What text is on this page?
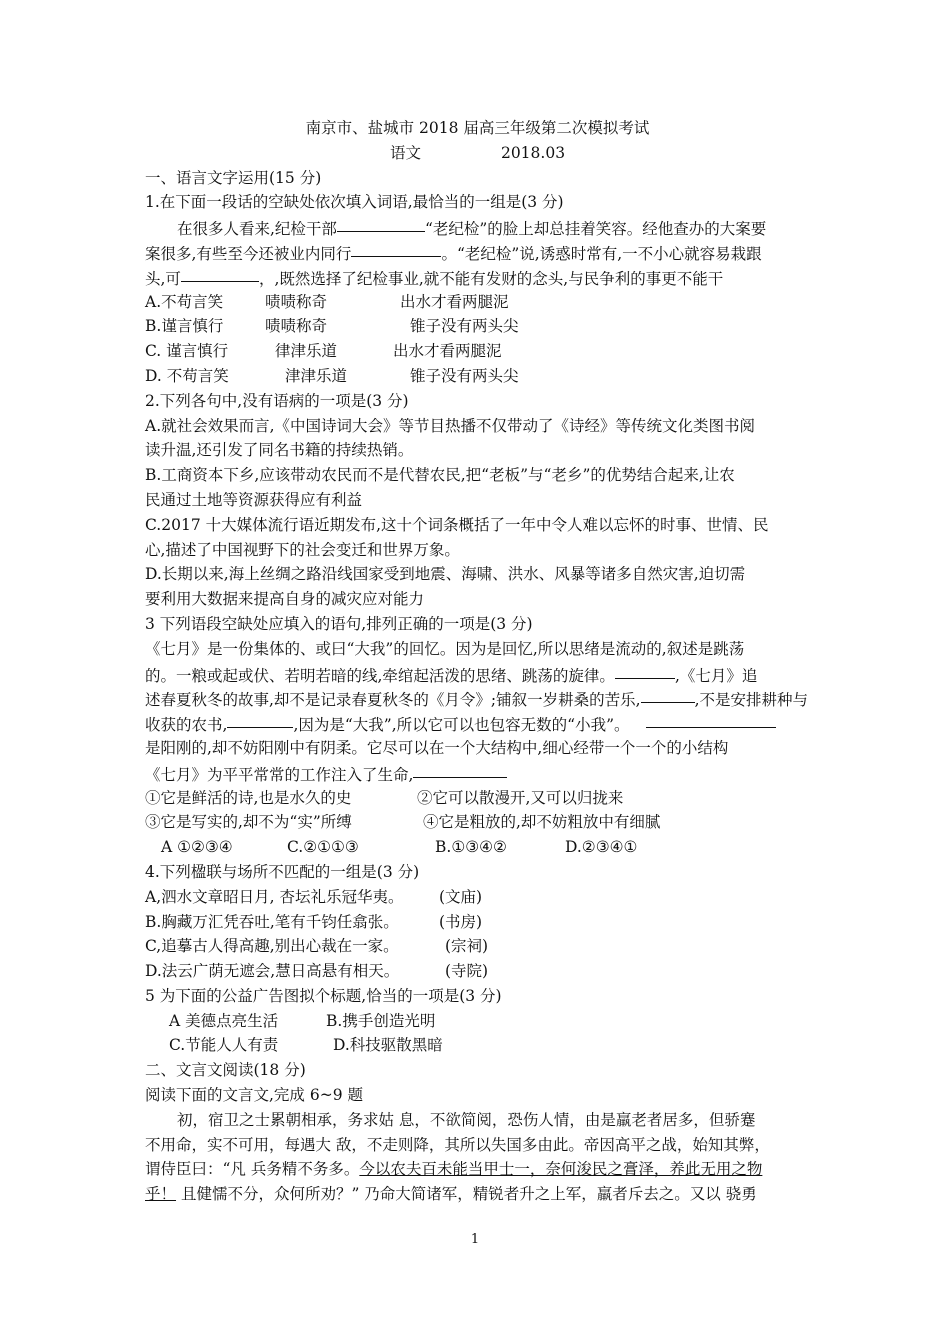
南京市、盐城市 2018 届高三年级第二次模拟考试
语文	2018.03
一、语言文字运用(15 分)
1.在下面一段话的空缺处依次填入词语,最恰当的一组是(3 分)
在很多人看来,纪检干部	“老纪检”的脸上却总挂着笑容。经他查办的大案要
案很多,有些至今还被业内同行	。“老纪检”说,诱惑时常有,一不小心就容易栽跟
头,可	，,既然选择了纪检事业,就不能有发财的念头,与民争利的事更不能干
A.不苟言笑	啧啧称奇	出水才看两腿泥
B.谨言慎行	啧啧称奇	锥子没有两头尖
C. 谨言慎行	律津乐道	出水才看两腿泥
D. 不苟言笑	津津乐道	锥子没有两头尖
2.下列各句中,没有语病的一项是(3 分)
A.就社会效果而言,《中国诗词大会》等节目热播不仅带动了《诗经》等传统文化类图书阅
读升温,还引发了同名书籍的持续热销。
B.工商资本下乡,应该带动农民而不是代替农民,把“老板”与“老乡”的优势结合起来,让农
民通过土地等资源获得应有利益
C.2017 十大媒体流行语近期发布,这十个词条概括了一年中令人难以忘怀的时事、世情、民
心,描述了中国视野下的社会变迁和世界万象。
D.长期以来,海上丝绸之路沿线国家受到地震、海啸、洪水、风暴等诸多自然灾害,迫切需
要利用大数据来提高自身的减灾应对能力
3 下列语段空缺处应填入的语句,排列正确的一项是(3 分)
《七月》是一份集体的、或曰“大我”的回忆。因为是回忆,所以思绪是流动的,叙述是跳荡
的。一粮或起或伏、若明若暗的线,牵绾起活泼的思绪、跳荡的旋律。	,《七月》追
述春夏秋冬的故事,却不是记录春夏秋冬的《月令》;铺叙一岁耕桑的苦乐,	,不是安排耕种与
收获的农书,	,因为是“大我”,所以它可以也包容无数的“小我”。
是阳刚的,却不妨阳刚中有阴柔。它尽可以在一个大结构中,细心经带一个一个的小结构
《七月》为平平常常的工作注入了生命,
①它是鲜活的诗,也是水久的史	②它可以散漫开,又可以归拢来
③它是写实的,却不为“实”所缚	④它是粗放的,却不妨粗放中有细腻
A ①②③④	C.②①①③	B.①③④②	D.②③④①
4.下列楹联与场所不匹配的一组是(3 分)
A,泗水文章昭日月, 杏坛礼乐冠华夷。 (文庙)
B.胸藏万汇凭吞吐,笔有千钧任翕张。	(书房)
C,追摹古人得高趣,别出心裁在一家。	(宗祠)
D.法云广荫无遮会,慧日高悬有相天。	(寺院)
5 为下面的公益广告图拟个标题,恰当的一项是(3 分)
A 美德点亮生活	B.携手创造光明
C.节能人人有责	D.科技驱散黑暗
二、文言文阅读(18 分)
阅读下面的文言文,完成 6~9 题
初，宿卫之士累朝相承，务求姑 息，不欲简阅，恐伤人情，由是羸老者居多，但骄蹇
不用命，实不可用，每遇大 敌，不走则降，其所以失国多由此。帝因高平之战，始知其弊，
谓侍臣曰：“凡 兵务精不务多。今以农夫百未能当甲士一，奈何浚民之膏泽，养此无用之物
乎！ 且健懦不分，众何所劝？” 乃命大简诸军，精锐者升之上军，羸者斥去之。又以 骁勇
1
